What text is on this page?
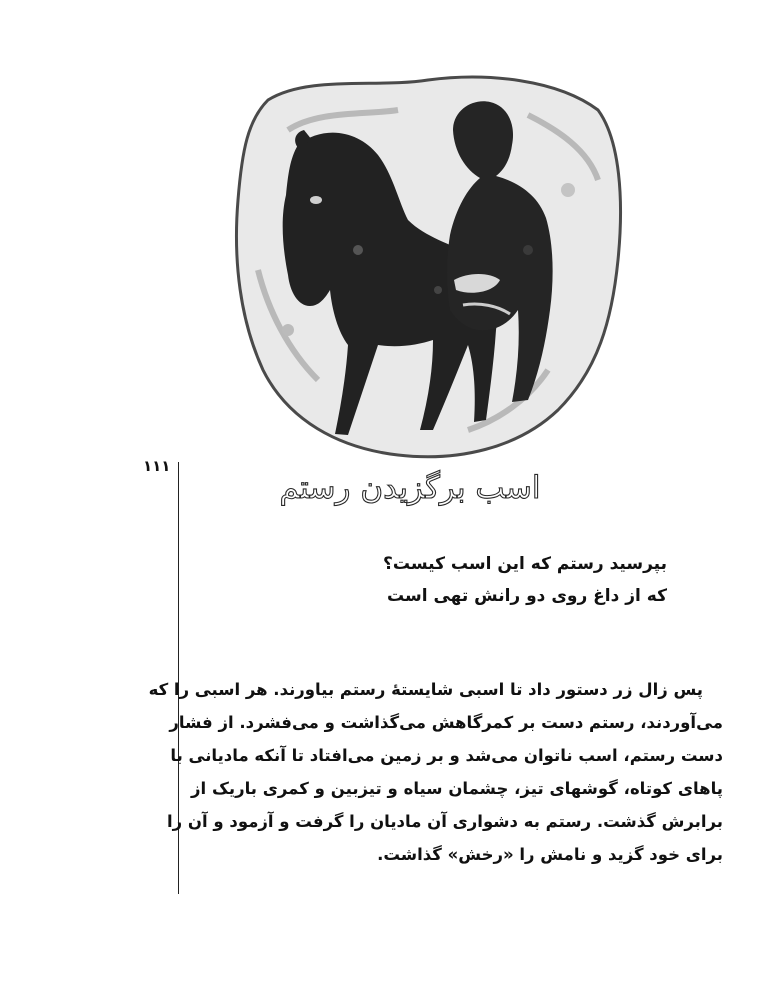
۱۱۱
اسب برگزیدن رستم
بپرسید رستم که این اسب کیست؟
که از داغ روی دو رانش تهی است
پس زال زر دستور داد تا اسبی شایستهٔ رستم بیاورند. هر اسبی را که
می‌آوردند، رستم دست بر کمرگاهش می‌گذاشت و می‌فشرد. از فشار
دست رستم، اسب ناتوان می‌شد و بر زمین می‌افتاد تا آنکه مادیانی با
پاهای کوتاه، گوشهای تیز، چشمان سیاه و تیزبین و کمری باریک از
برابرش گذشت. رستم به دشواری آن مادیان را گرفت و آزمود و آن را
برای خود گزید و نامش را «رخش» گذاشت.
